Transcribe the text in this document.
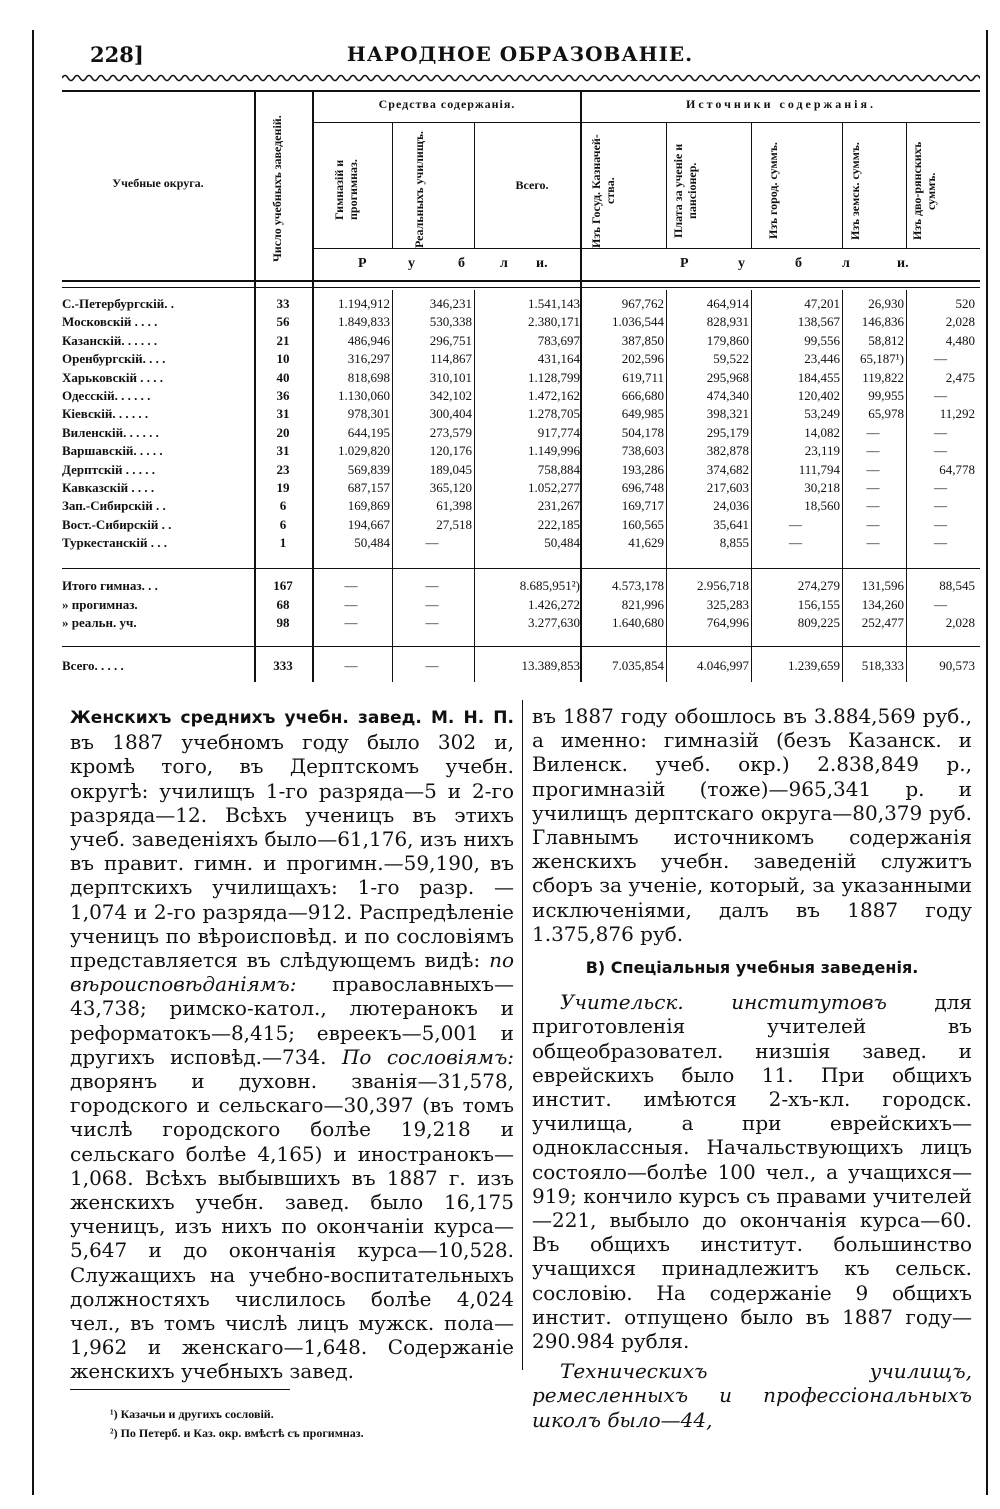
228]	НАРОДНОЕ ОБРАЗОВАНІЕ.
Учебные округа.	Число учебныхъ заведеній.
Средства содержанія.	Источники содержанія.
Гимназій и прогимназ.	Реальныхъ училищъ.	Всего.	Изъ Госуд. Казначей-ства.	Плата за ученіе и пансіонер.	Изъ город. суммъ.	Изъ земск. суммъ.	Изъ дво-рянскихъ суммъ.
Р	у	б	л и.	Р	у	б	л	и.
С.-Петербургскій. .	33	1.194,912	346,231	1.541,143	967,762	464,914	47,201 26,930	520
Московскій . . . .	56	1.849,833	530,338	2.380,171 1.036,544	828,931	138,567 146,836	2,028
Казанскій. . . . . .	21	486,946	296,751	783,697	387,850	179,860	99,556 58,812	4,480
Оренбургскій. . . .	10	316,297	114,867	431,164	202,596	59,522	23,446 65,187¹)	—
Харьковскій . . . .	40	818,698	310,101	1.128,799	619,711	295,968	184,455 119,822	2,475
Одесскій. . . . . .	36	1.130,060	342,102	1.472,162	666,680	474,340	120,402 99,955	—
Кіевскій. . . . . .	31	978,301	300,404	1.278,705	649,985	398,321	53,249 65,978	11,292
Виленскій. . . . . .	20	644,195	273,579	917,774	504,178	295,179	14,082	—	—
Варшавскій. . . . .	31	1.029,820	120,176	1.149,996	738,603	382,878	23,119	—	—
Дерптскій . . . . .	23	569,839	189,045	758,884	193,286	374,682	111,794	—	64,778
Кавказскій . . . .	19	687,157	365,120	1.052,277	696,748	217,603	30,218	—	—
Зап.-Сибирскій . .	6	169,869	61,398	231,267	169,717	24,036	18,560	—	—
Вост.-Сибирскій . .	6	194,667	27,518	222,185	160,565	35,641	—	—	—
Туркестанскій . . .	1	50,484	—	50,484	41,629	8,855	—	—	—
Итого гимназ. . .	167	—	—	8.685,951²) 4.573,178	2.956,718	274,279 131,596	88,545
» прогимназ.	68	—	—	1.426,272	821,996	325,283	156,155 134,260	—
» реальн. уч.	98	—	—	3.277,630 1.640,680	764,996	809,225 252,477	2,028
Всего. . . . .	333	—	—	13.389,853 7.035,854	4.046,997	1.239,659 518,333	90,573

Женскихъ среднихъ учебн. завед. М. Н. П. въ 1887 учебномъ году было 302 и, кромѣ того, въ Дерптскомъ учебн. округѣ: училищъ 1-го разряда—5 и 2-го разряда—12. Всѣхъ ученицъ въ этихъ учеб. заведеніяхъ было—61,176, изъ нихъ въ правит. гимн. и прогимн.—59,190, въ дерптскихъ училищахъ: 1-го разр. — 1,074 и 2-го разряда—912. Распредѣленіе ученицъ по вѣроисповѣд. и по сословіямъ представляется въ слѣдующемъ видѣ: по вѣроисповѣданіямъ: православныхъ—43,738; римско-катол., лютеранокъ и реформатокъ—8,415; евреекъ—5,001 и другихъ исповѣд.—734. По сословіямъ: дворянъ и духовн. званія—31,578, городского и сельскаго—30,397 (въ томъ числѣ городского болѣе 19,218 и сельскаго болѣе 4,165) и иностранокъ—1,068. Всѣхъ выбывшихъ въ 1887 г. изъ женскихъ учебн. завед. было 16,175 ученицъ, изъ нихъ по окончаніи курса—5,647 и до окончанія курса—10,528. Служащихъ на учебно-воспитательныхъ должностяхъ числилось болѣе 4,024 чел., въ томъ числѣ лицъ мужск. пола—1,962 и женскаго—1,648. Содержаніе женскихъ учебныхъ завед.

въ 1887 году обошлось въ 3.884,569 руб., а именно: гимназій (безъ Казанск. и Виленск. учеб. окр.) 2.838,849 р., прогимназій (тоже)—965,341 р. и училищъ дерптскаго округа—80,379 руб. Главнымъ источникомъ содержанія женскихъ учебн. заведеній служитъ сборъ за ученіе, который, за указанными исключеніями, далъ въ 1887 году 1.375,876 руб.

В) Спеціальныя учебныя заведенія.

Учительск. институтовъ для приготовленія учителей въ общеобразовател. низшія завед. и еврейскихъ было 11. При общихъ инстит. имѣются 2-хъ-кл. городск. училища, а при еврейскихъ—одноклассныя. Начальствующихъ лицъ состояло—болѣе 100 чел., а учащихся—919; кончило курсъ съ правами учителей—221, выбыло до окончанія курса—60. Въ общихъ институт. большинство учащихся принадлежитъ къ сельск. сословію. На содержаніе 9 общихъ инстит. отпущено было въ 1887 году—290.984 рубля.

Техническихъ училищъ, ремесленныхъ и профессіональныхъ школъ было—44,

¹) Казачьи и другихъ сословій.
²) По Петерб. и Каз. окр. вмѣстѣ съ прогимназ.
